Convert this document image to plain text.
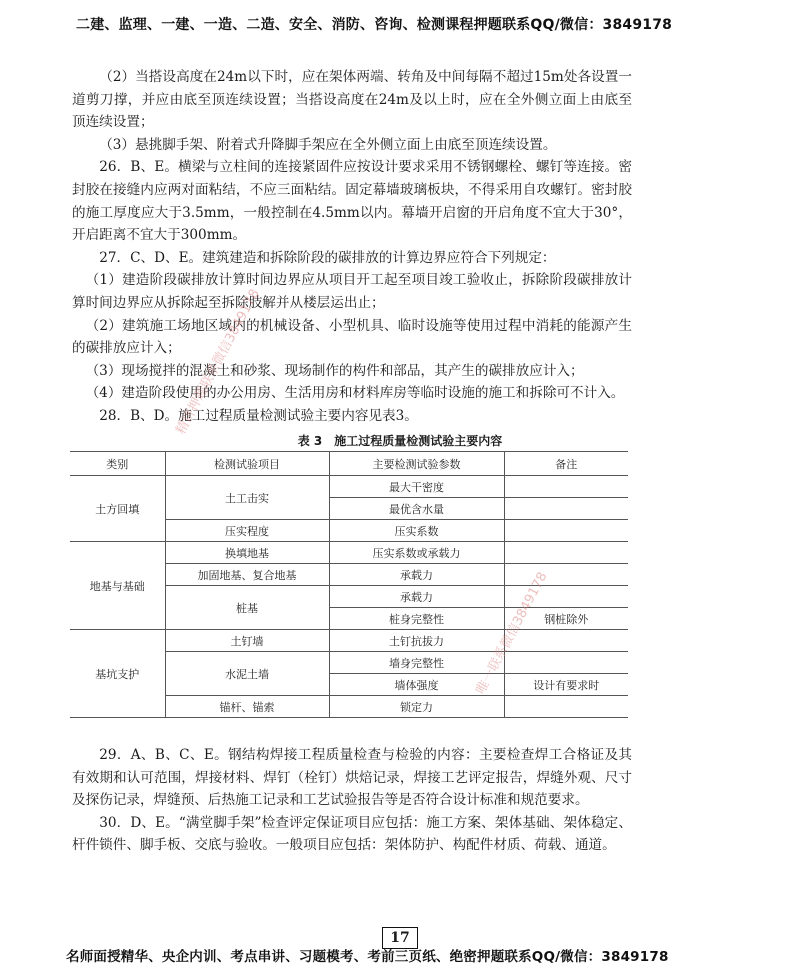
二建、监理、一建、一造、二造、安全、消防、咨询、检测课程押题联系QQ/微信：3849178

（2）当搭设高度在24m以下时，应在架体两端、转角及中间每隔不超过15m处各设置一道剪刀撑，并应由底至顶连续设置；当搭设高度在24m及以上时，应在全外侧立面上由底至顶连续设置；

（3）悬挑脚手架、附着式升降脚手架应在全外侧立面上由底至顶连续设置。

26．B、E。横梁与立柱间的连接紧固件应按设计要求采用不锈钢螺栓、螺钉等连接。密封胶在接缝内应两对面粘结，不应三面粘结。固定幕墙玻璃板块，不得采用自攻螺钉。密封胶的施工厚度应大于3.5mm，一般控制在4.5mm以内。幕墙开启窗的开启角度不宜大于30°，开启距离不宜大于300mm。

27．C、D、E。建筑建造和拆除阶段的碳排放的计算边界应符合下列规定：

（1）建造阶段碳排放计算时间边界应从项目开工起至项目竣工验收止，拆除阶段碳排放计算时间边界应从拆除起至拆除肢解并从楼层运出止；

（2）建筑施工场地区域内的机械设备、小型机具、临时设施等使用过程中消耗的能源产生的碳排放应计入；

（3）现场搅拌的混凝土和砂浆、现场制作的构件和部品，其产生的碳排放应计入；

（4）建造阶段使用的办公用房、生活用房和材料库房等临时设施的施工和拆除可不计入。

28．B、D。施工过程质量检测试验主要内容见表3。

表 3　施工过程质量检测试验主要内容
类别	检测试验项目	主要检测试验参数	备注
土方回填	土工击实	最大干密度	
		最优含水量	
	压实程度	压实系数	
地基与基础	换填地基	压实系数或承载力	
	加固地基、复合地基	承载力	
	桩基	承载力	
		桩身完整性	钢桩除外
基坑支护	土钉墙	土钉抗拔力	
	水泥土墙	墙身完整性	
		墙体强度	设计有要求时
	锚杆、锚索	锁定力	

29．A、B、C、E。钢结构焊接工程质量检查与检验的内容：主要检查焊工合格证及其有效期和认可范围，焊接材料、焊钉（栓钉）烘焙记录，焊接工艺评定报告，焊缝外观、尺寸及探伤记录，焊缝预、后热施工记录和工艺试验报告等是否符合设计标准和规范要求。

30．D、E。“满堂脚手架”检查评定保证项目应包括：施工方案、架体基础、架体稳定、杆件锁件、脚手板、交底与验收。一般项目应包括：架体防护、构配件材质、荷载、通道。

精讲押题联系微信3849178
唯一联系微信3849178
17
名师面授精华、央企内训、考点串讲、习题模考、考前三页纸、绝密押题联系QQ/微信：3849178
